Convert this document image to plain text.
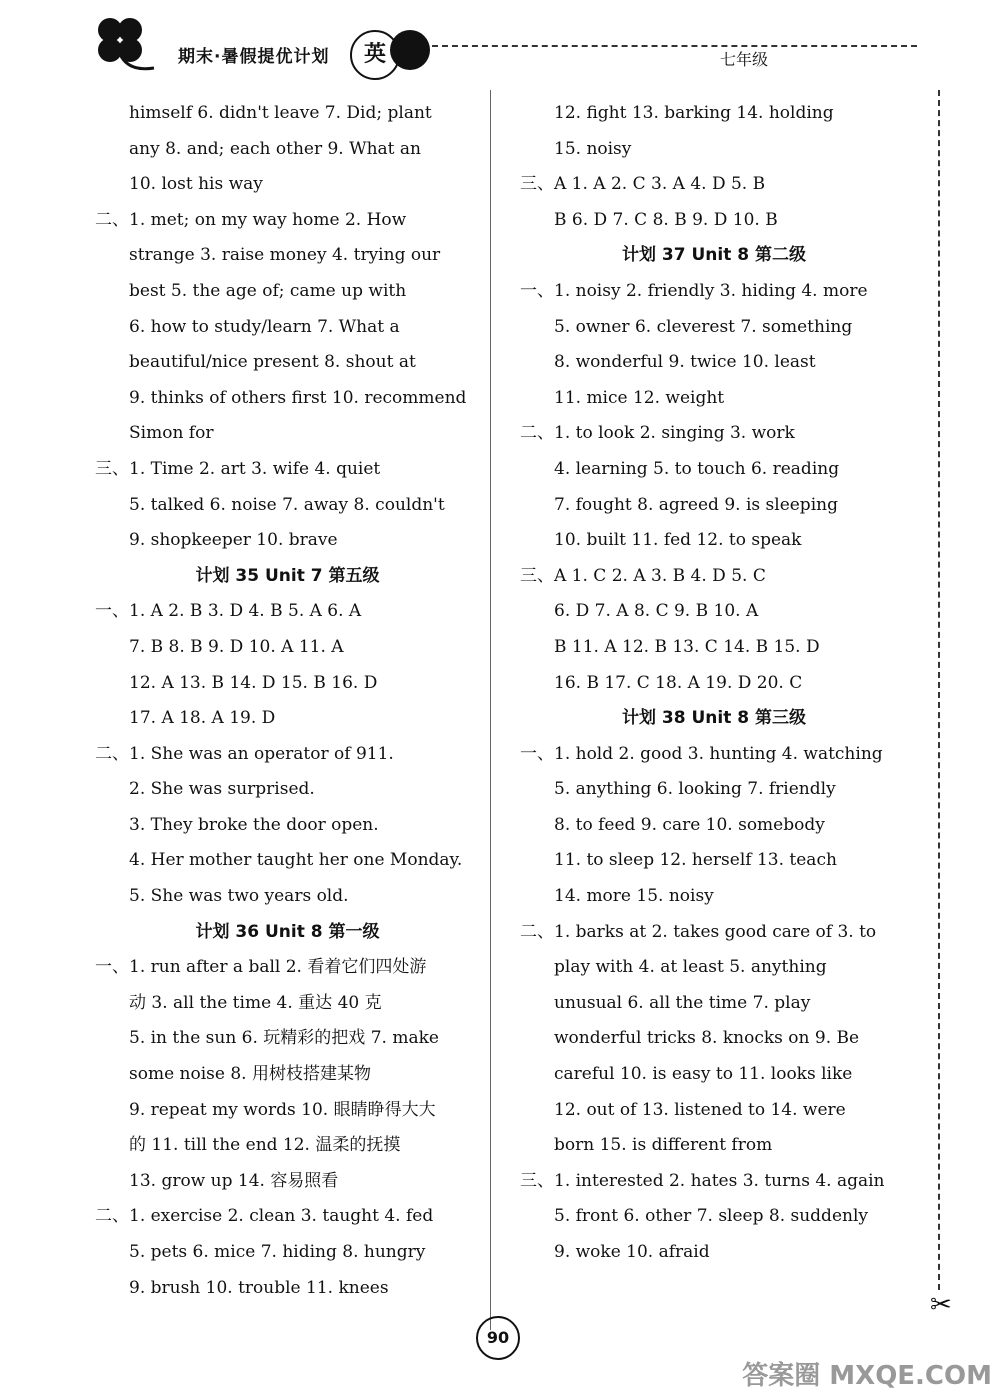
期末·暑假提优计划	英	七年级
himself 6. didn't leave 7. Did; plant
any 8. and; each other 9. What an
10. lost his way
二、1. met; on my way home 2. How
strange 3. raise money 4. trying our
best 5. the age of; came up with
6. how to study/learn 7. What a
beautiful/nice present 8. shout at
9. thinks of others first 10. recommend
Simon for
三、1. Time 2. art 3. wife 4. quiet
5. talked 6. noise 7. away 8. couldn't
9. shopkeeper 10. brave
计划 35 Unit 7 第五级
一、1. A 2. B 3. D 4. B 5. A 6. A
7. B 8. B 9. D 10. A 11. A
12. A 13. B 14. D 15. B 16. D
17. A 18. A 19. D
二、1. She was an operator of 911.
2. She was surprised.
3. They broke the door open.
4. Her mother taught her one Monday.
5. She was two years old.
计划 36 Unit 8 第一级
一、1. run after a ball 2. 看着它们四处游
动 3. all the time 4. 重达 40 克
5. in the sun 6. 玩精彩的把戏 7. make
some noise 8. 用树枝搭建某物
9. repeat my words 10. 眼睛睁得大大
的 11. till the end 12. 温柔的抚摸
13. grow up 14. 容易照看
二、1. exercise 2. clean 3. taught 4. fed
5. pets 6. mice 7. hiding 8. hungry
9. brush 10. trouble 11. knees
12. fight 13. barking 14. holding
15. noisy
三、A 1. A 2. C 3. A 4. D 5. B
B 6. D 7. C 8. B 9. D 10. B
计划 37 Unit 8 第二级
一、1. noisy 2. friendly 3. hiding 4. more
5. owner 6. cleverest 7. something
8. wonderful 9. twice 10. least
11. mice 12. weight
二、1. to look 2. singing 3. work
4. learning 5. to touch 6. reading
7. fought 8. agreed 9. is sleeping
10. built 11. fed 12. to speak
三、A 1. C 2. A 3. B 4. D 5. C
6. D 7. A 8. C 9. B 10. A
B 11. A 12. B 13. C 14. B 15. D
16. B 17. C 18. A 19. D 20. C
计划 38 Unit 8 第三级
一、1. hold 2. good 3. hunting 4. watching
5. anything 6. looking 7. friendly
8. to feed 9. care 10. somebody
11. to sleep 12. herself 13. teach
14. more 15. noisy
二、1. barks at 2. takes good care of 3. to
play with 4. at least 5. anything
unusual 6. all the time 7. play
wonderful tricks 8. knocks on 9. Be
careful 10. is easy to 11. looks like
12. out of 13. listened to 14. were
born 15. is different from
三、1. interested 2. hates 3. turns 4. again
5. front 6. other 7. sleep 8. suddenly
9. woke 10. afraid
✂
90
答案圈 MXQE.COM
